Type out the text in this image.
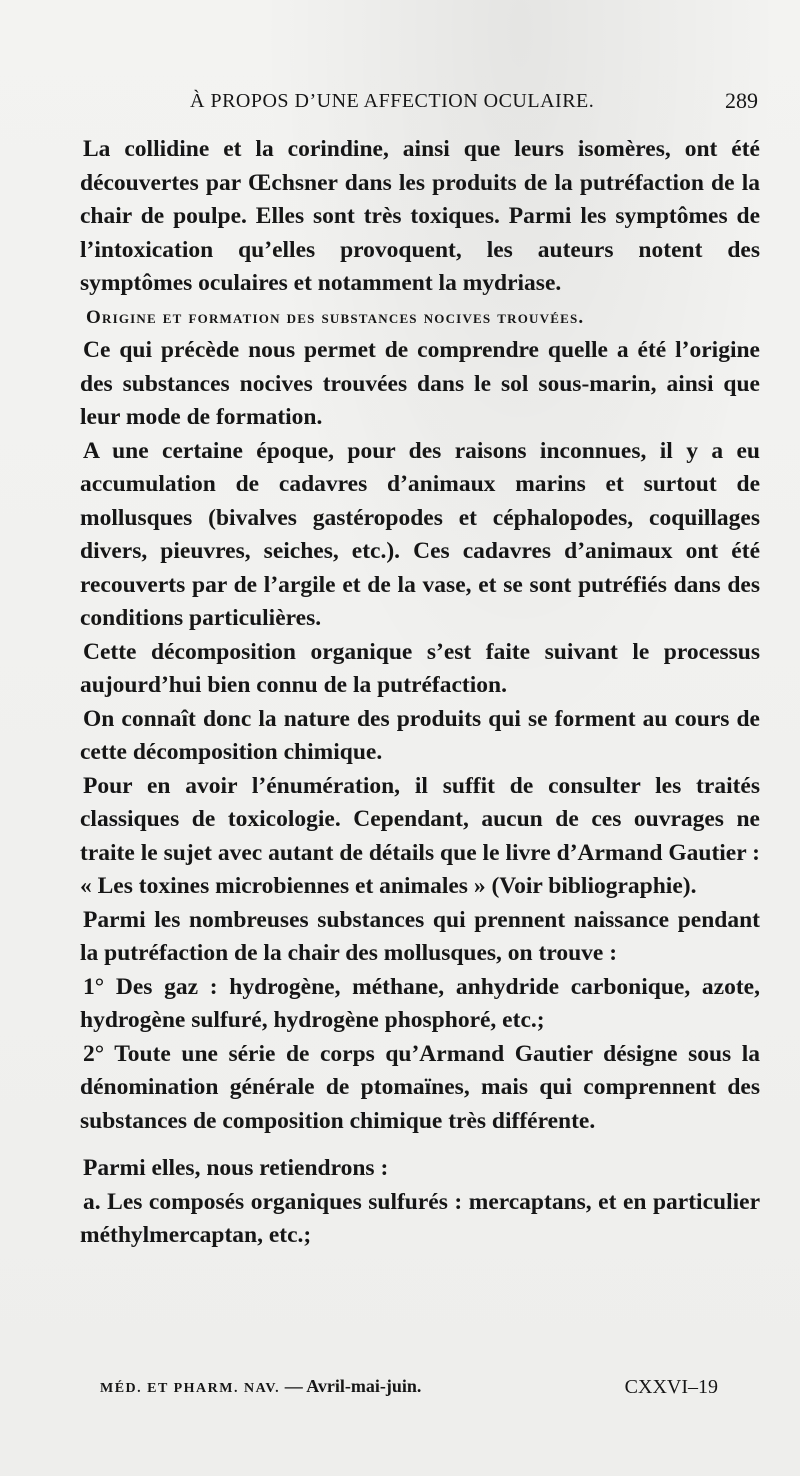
À PROPOS D’UNE AFFECTION OCULAIRE.	289

La collidine et la corindine, ainsi que leurs isomères, ont été découvertes par Œchsner dans les produits de la putréfaction de la chair de poulpe. Elles sont très toxiques. Parmi les symptômes de l’intoxication qu’elles provoquent, les auteurs notent des symptômes oculaires et notamment la mydriase.

Origine et formation des substances nocives trouvées.

Ce qui précède nous permet de comprendre quelle a été l’origine des substances nocives trouvées dans le sol sous-marin, ainsi que leur mode de formation.

A une certaine époque, pour des raisons inconnues, il y a eu accumulation de cadavres d’animaux marins et surtout de mollusques (bivalves gastéropodes et céphalopodes, coquillages divers, pieuvres, seiches, etc.). Ces cadavres d’animaux ont été recouverts par de l’argile et de la vase, et se sont putréfiés dans des conditions particulières.

Cette décomposition organique s’est faite suivant le processus aujourd’hui bien connu de la putréfaction.

On connaît donc la nature des produits qui se forment au cours de cette décomposition chimique.

Pour en avoir l’énumération, il suffit de consulter les traités classiques de toxicologie. Cependant, aucun de ces ouvrages ne traite le sujet avec autant de détails que le livre d’Armand Gautier : « Les toxines microbiennes et animales » (Voir bibliographie).

Parmi les nombreuses substances qui prennent naissance pendant la putréfaction de la chair des mollusques, on trouve :

1° Des gaz : hydrogène, méthane, anhydride carbonique, azote, hydrogène sulfuré, hydrogène phosphoré, etc.;

2° Toute une série de corps qu’Armand Gautier désigne sous la dénomination générale de ptomaïnes, mais qui comprennent des substances de composition chimique très différente.

Parmi elles, nous retiendrons :

a. Les composés organiques sulfurés : mercaptans, et en particulier méthylmercaptan, etc.;

MÉD. ET PHARM. NAV. — Avril-mai-juin.	CXXVI–19
